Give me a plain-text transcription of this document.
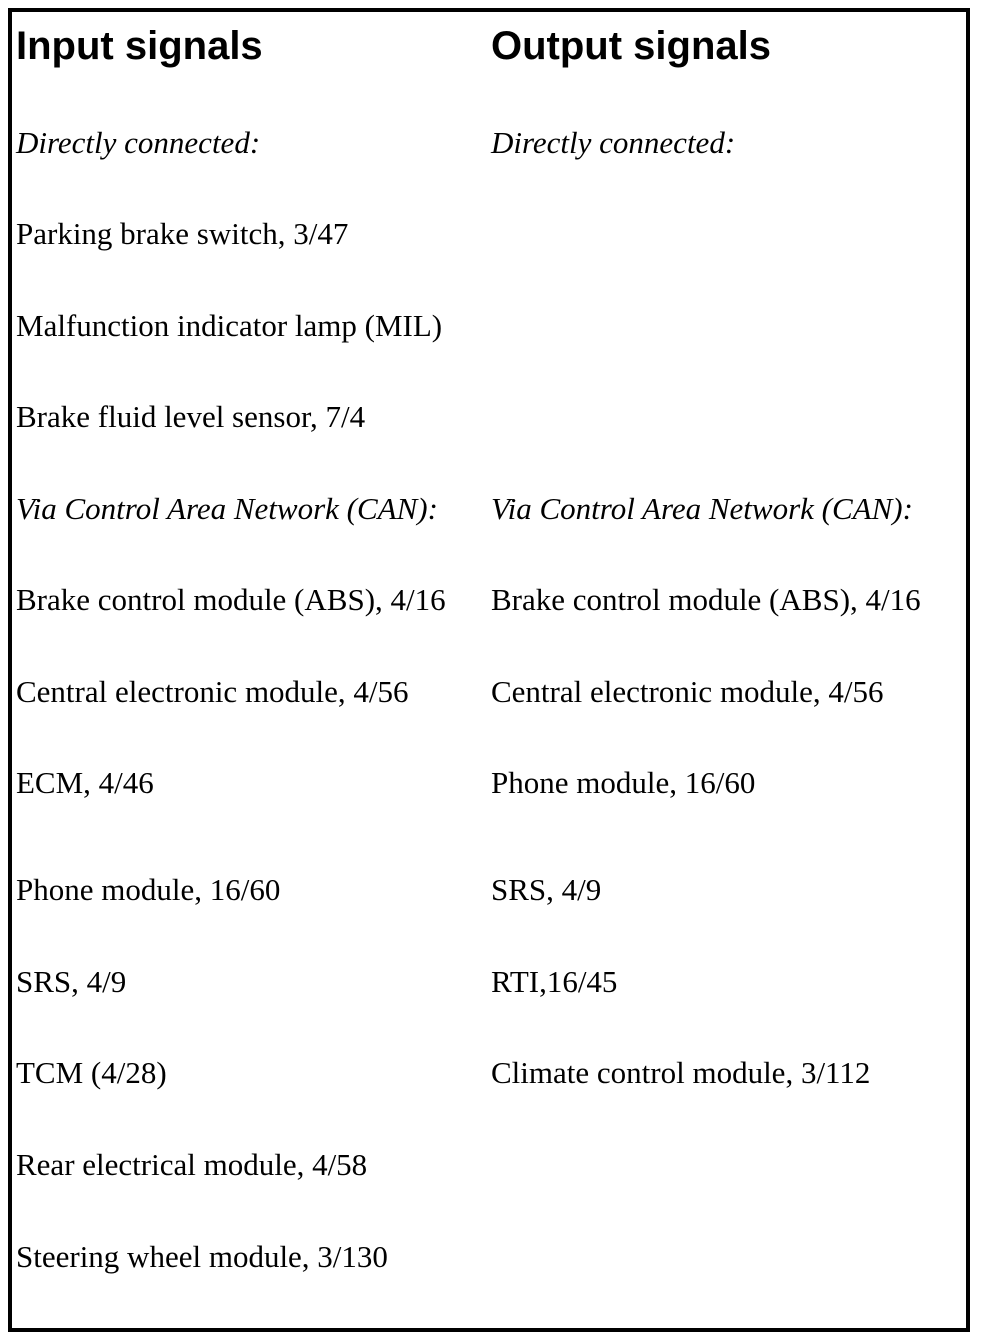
Input signals	Output signals
Directly connected:
Parking brake switch, 3/47
Malfunction indicator lamp (MIL)
Brake fluid level sensor, 7/4
Via Control Area Network (CAN):
Brake control module (ABS), 4/16
Central electronic module, 4/56
ECM, 4/46
Phone module, 16/60
SRS, 4/9
TCM (4/28)
Rear electrical module, 4/58
Steering wheel module, 3/130
Directly connected:
Via Control Area Network (CAN):
Brake control module (ABS), 4/16
Central electronic module, 4/56
Phone module, 16/60
SRS, 4/9
RTI,16/45
Climate control module, 3/112
